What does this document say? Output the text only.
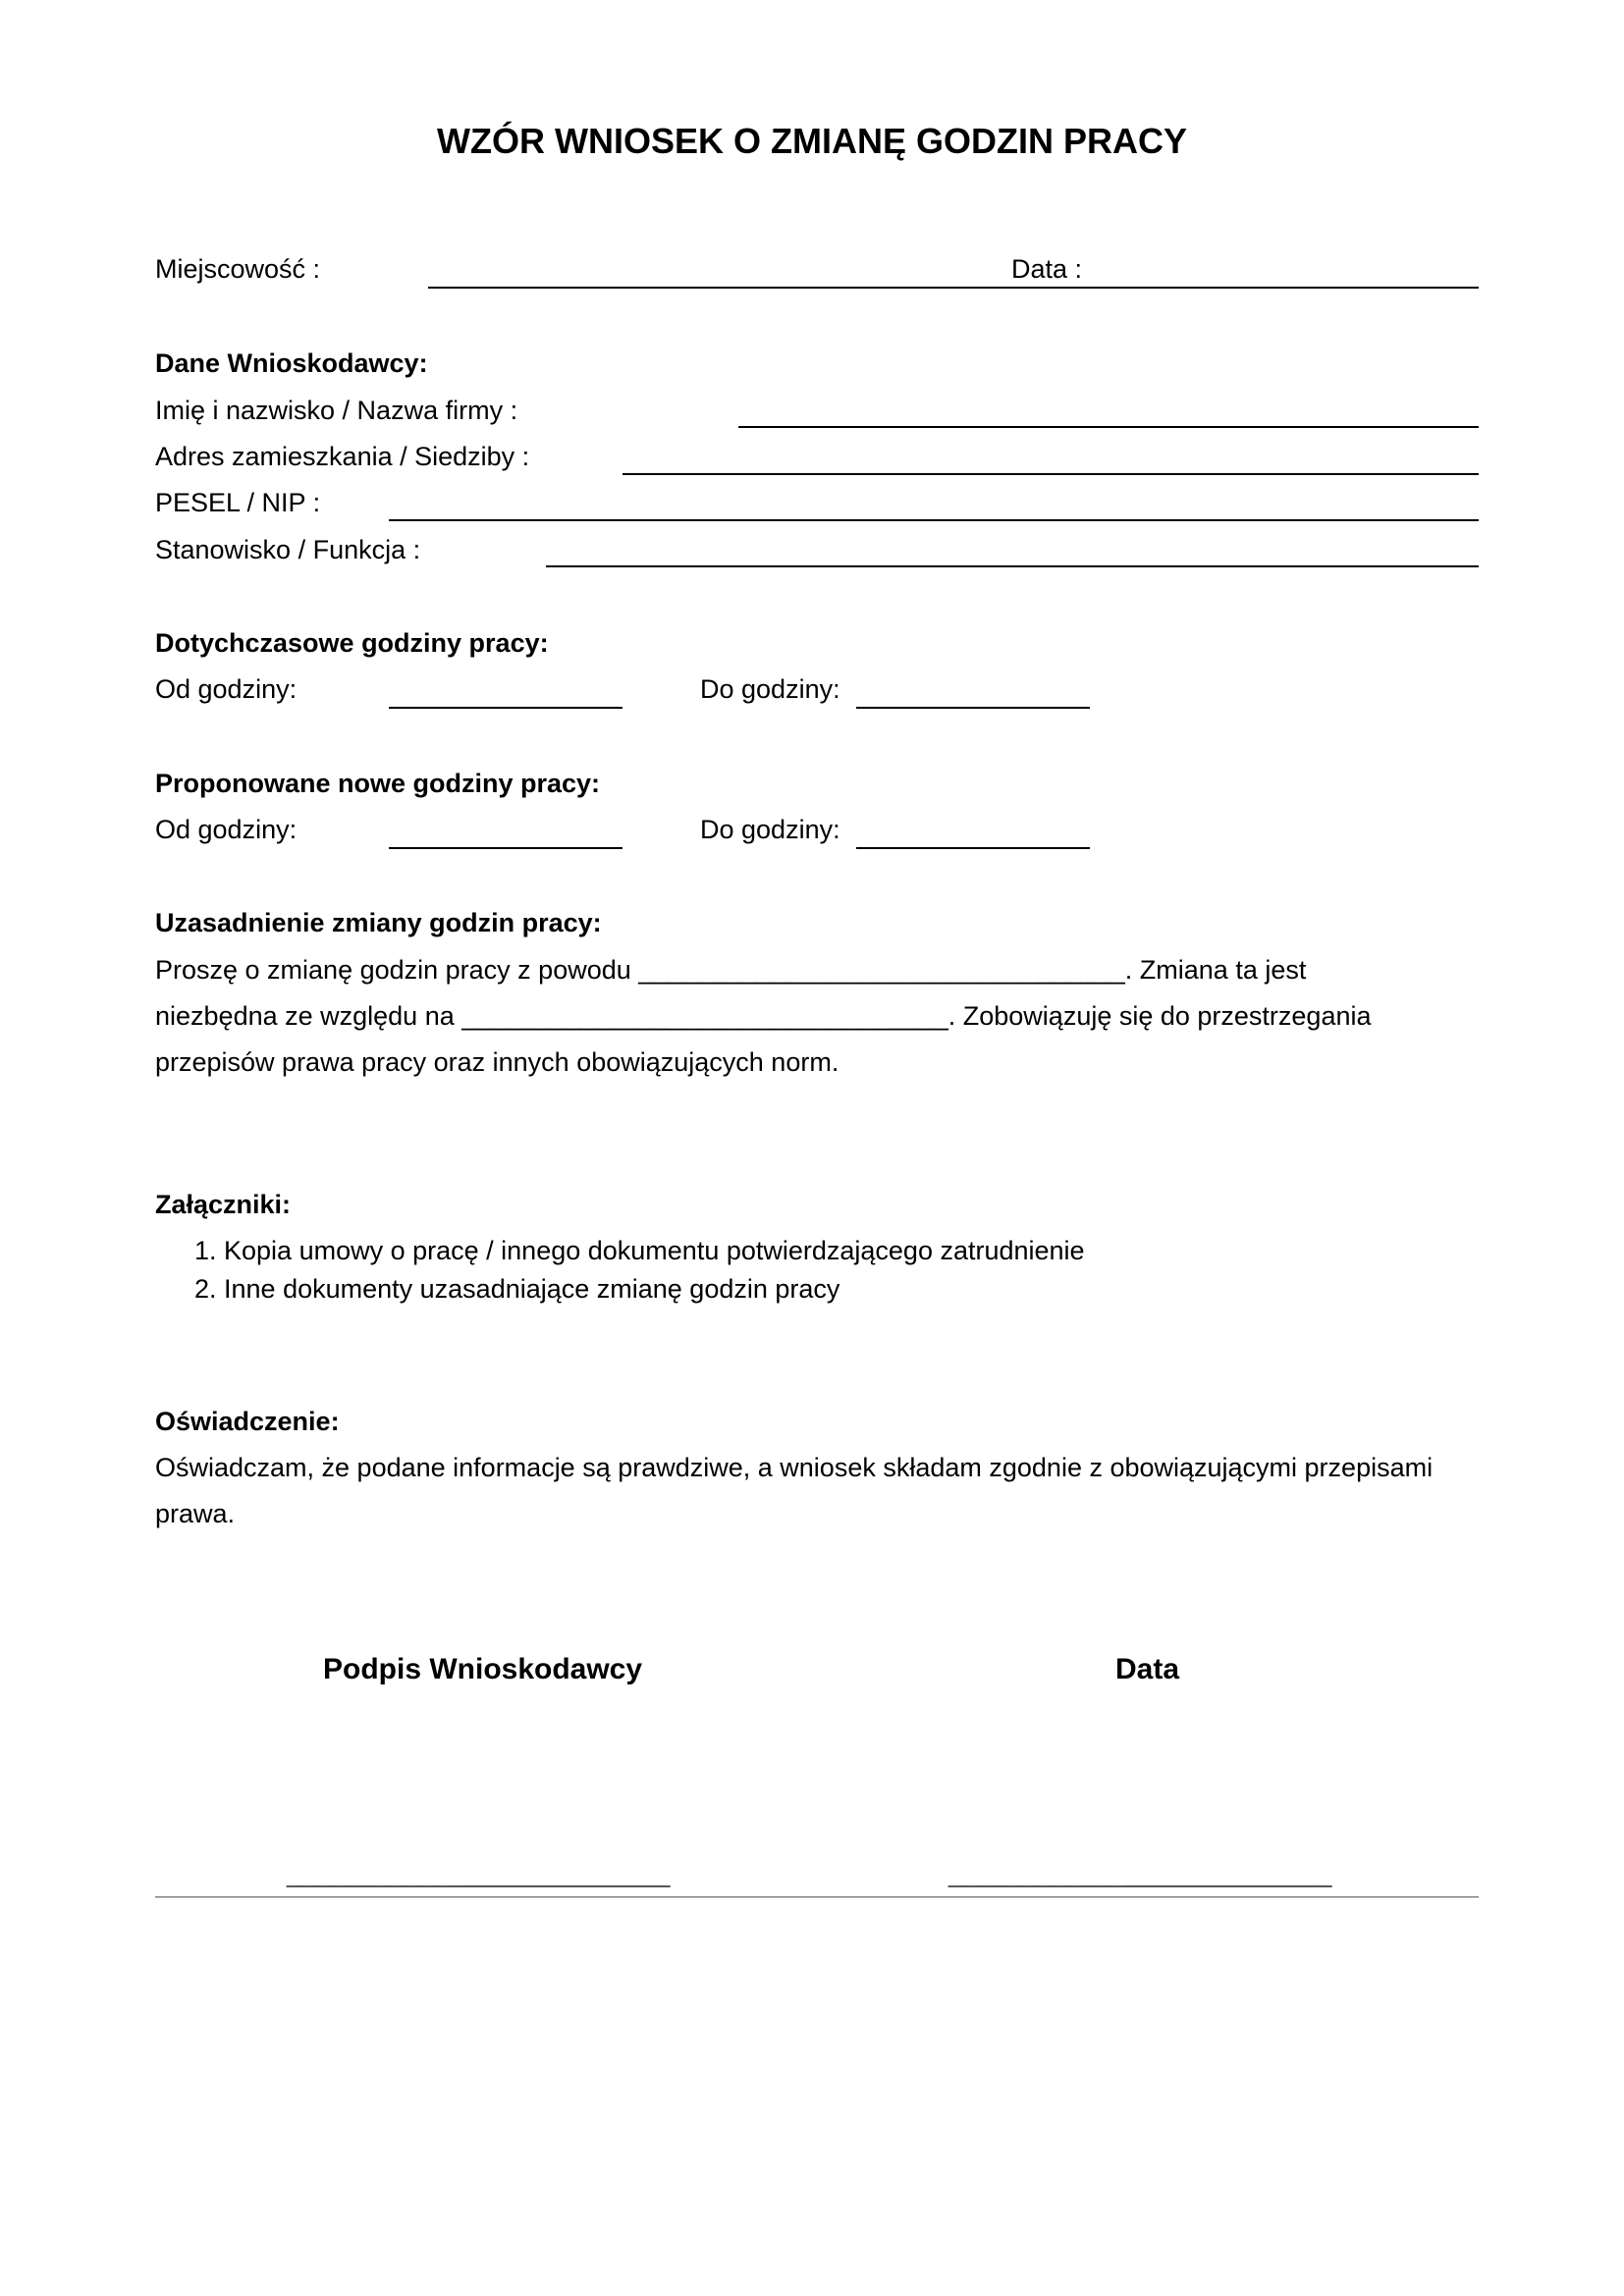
WZÓR WNIOSEK O ZMIANĘ GODZIN PRACY
Miejscowość :	Data :
Dane Wnioskodawcy:
Imię i nazwisko / Nazwa firmy :
Adres zamieszkania / Siedziby :
PESEL / NIP :
Stanowisko / Funkcja :
Dotychczasowe godziny pracy:
Od godziny:	Do godziny:
Proponowane nowe godziny pracy:
Od godziny:	Do godziny:
Uzasadnienie zmiany godzin pracy:
Proszę o zmianę godzin pracy z powodu _________________________________. Zmiana ta jest
niezbędna ze względu na _________________________________. Zobowiązuję się do przestrzegania
przepisów prawa pracy oraz innych obowiązujących norm.
Załączniki:
1. Kopia umowy o pracę / innego dokumentu potwierdzającego zatrudnienie
2. Inne dokumenty uzasadniające zmianę godzin pracy
Oświadczenie:
Oświadczam, że podane informacje są prawdziwe, a wniosek składam zgodnie z obowiązującymi przepisami
prawa.
Podpis Wnioskodawcy	Data
__________________________	__________________________
